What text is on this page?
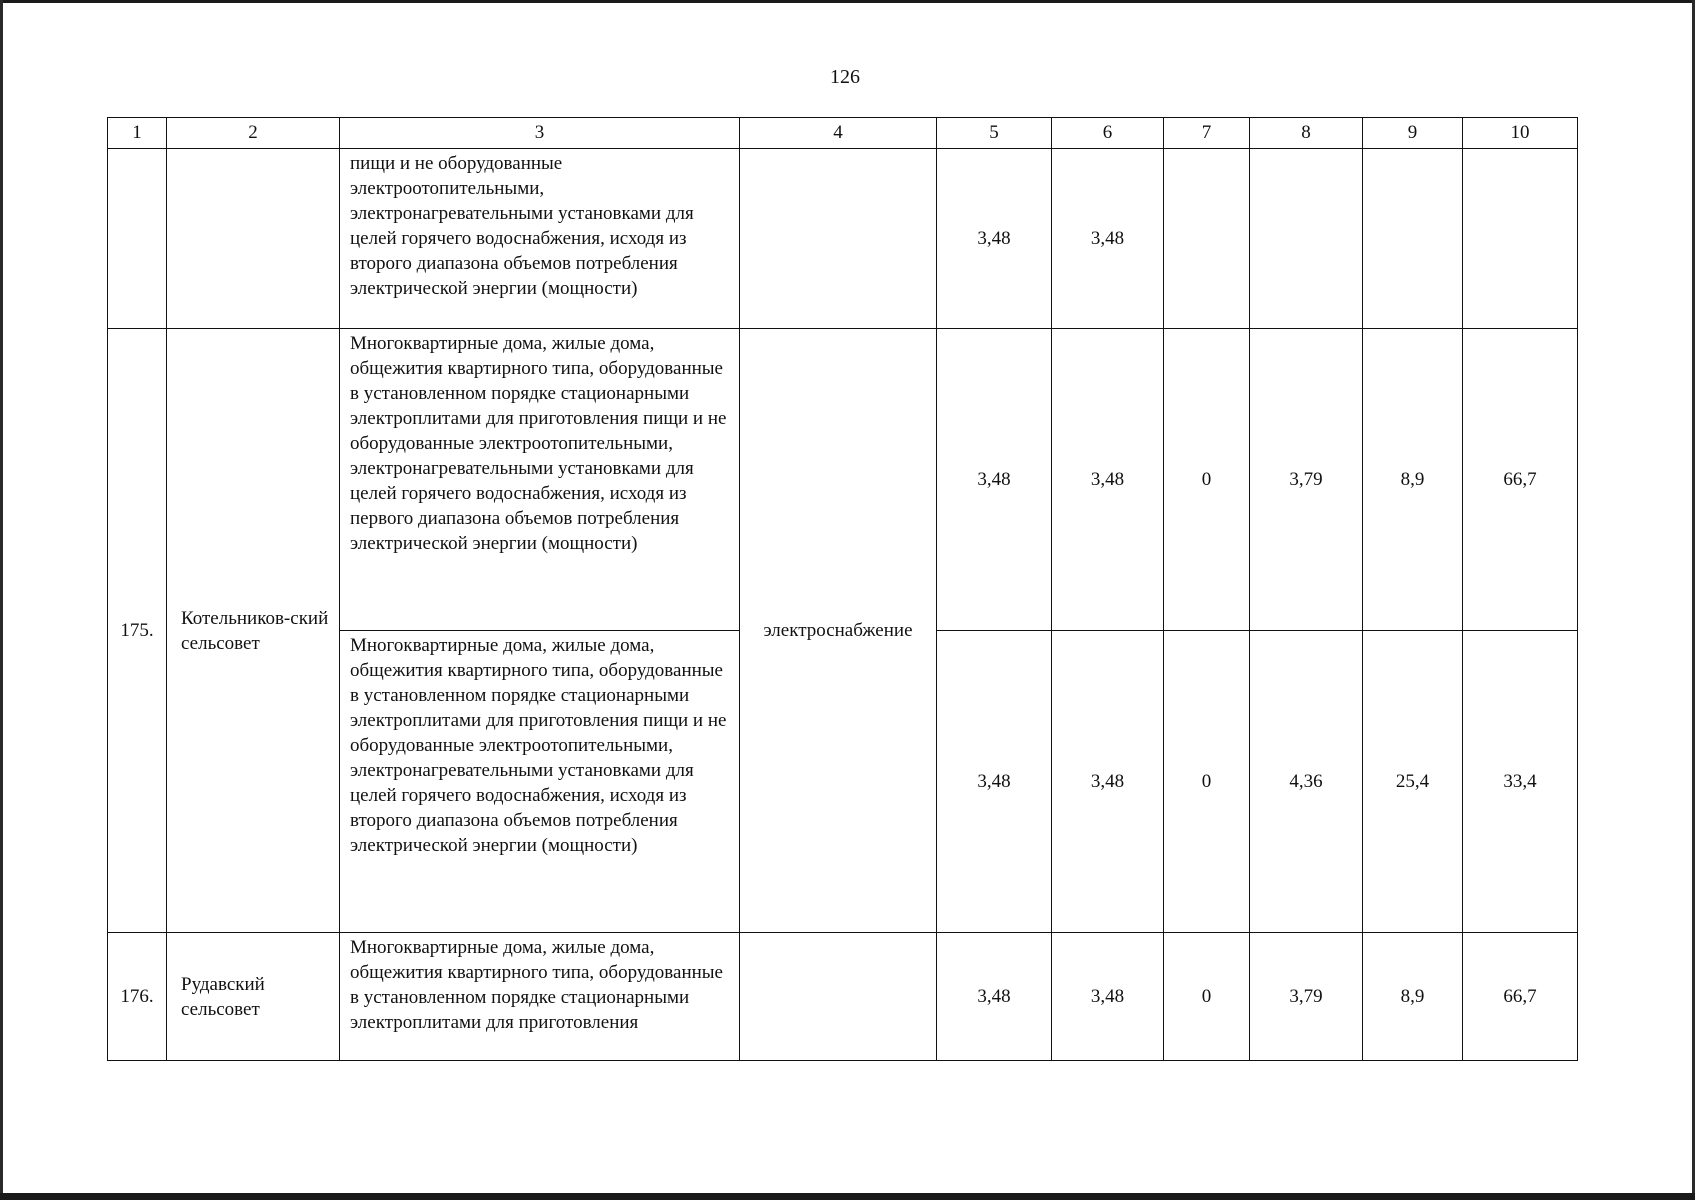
126
1	2	3	4	5	6	7	8	9	10
		пищи и не оборудованные электроотопительными, электронагревательными установками для целей горячего водоснабжения, исходя из второго диапазона объемов потребления электрической энергии (мощности)		3,48	3,48				
175.	Котельников-ский сельсовет	Многоквартирные дома, жилые дома, общежития квартирного типа, оборудованные в установленном порядке стационарными электроплитами для приготовления пищи и не оборудованные электроотопительными, электронагревательными установками для целей горячего водоснабжения, исходя из первого диапазона объемов потребления электрической энергии (мощности)	электроснабжение	3,48	3,48	0	3,79	8,9	66,7
		Многоквартирные дома, жилые дома, общежития квартирного типа, оборудованные в установленном порядке стационарными электроплитами для приготовления пищи и не оборудованные электроотопительными, электронагревательными установками для целей горячего водоснабжения, исходя из второго диапазона объемов потребления электрической энергии (мощности)		3,48	3,48	0	4,36	25,4	33,4
176.	Рудавский сельсовет	Многоквартирные дома, жилые дома, общежития квартирного типа, оборудованные в установленном порядке стационарными электроплитами для приготовления		3,48	3,48	0	3,79	8,9	66,7
